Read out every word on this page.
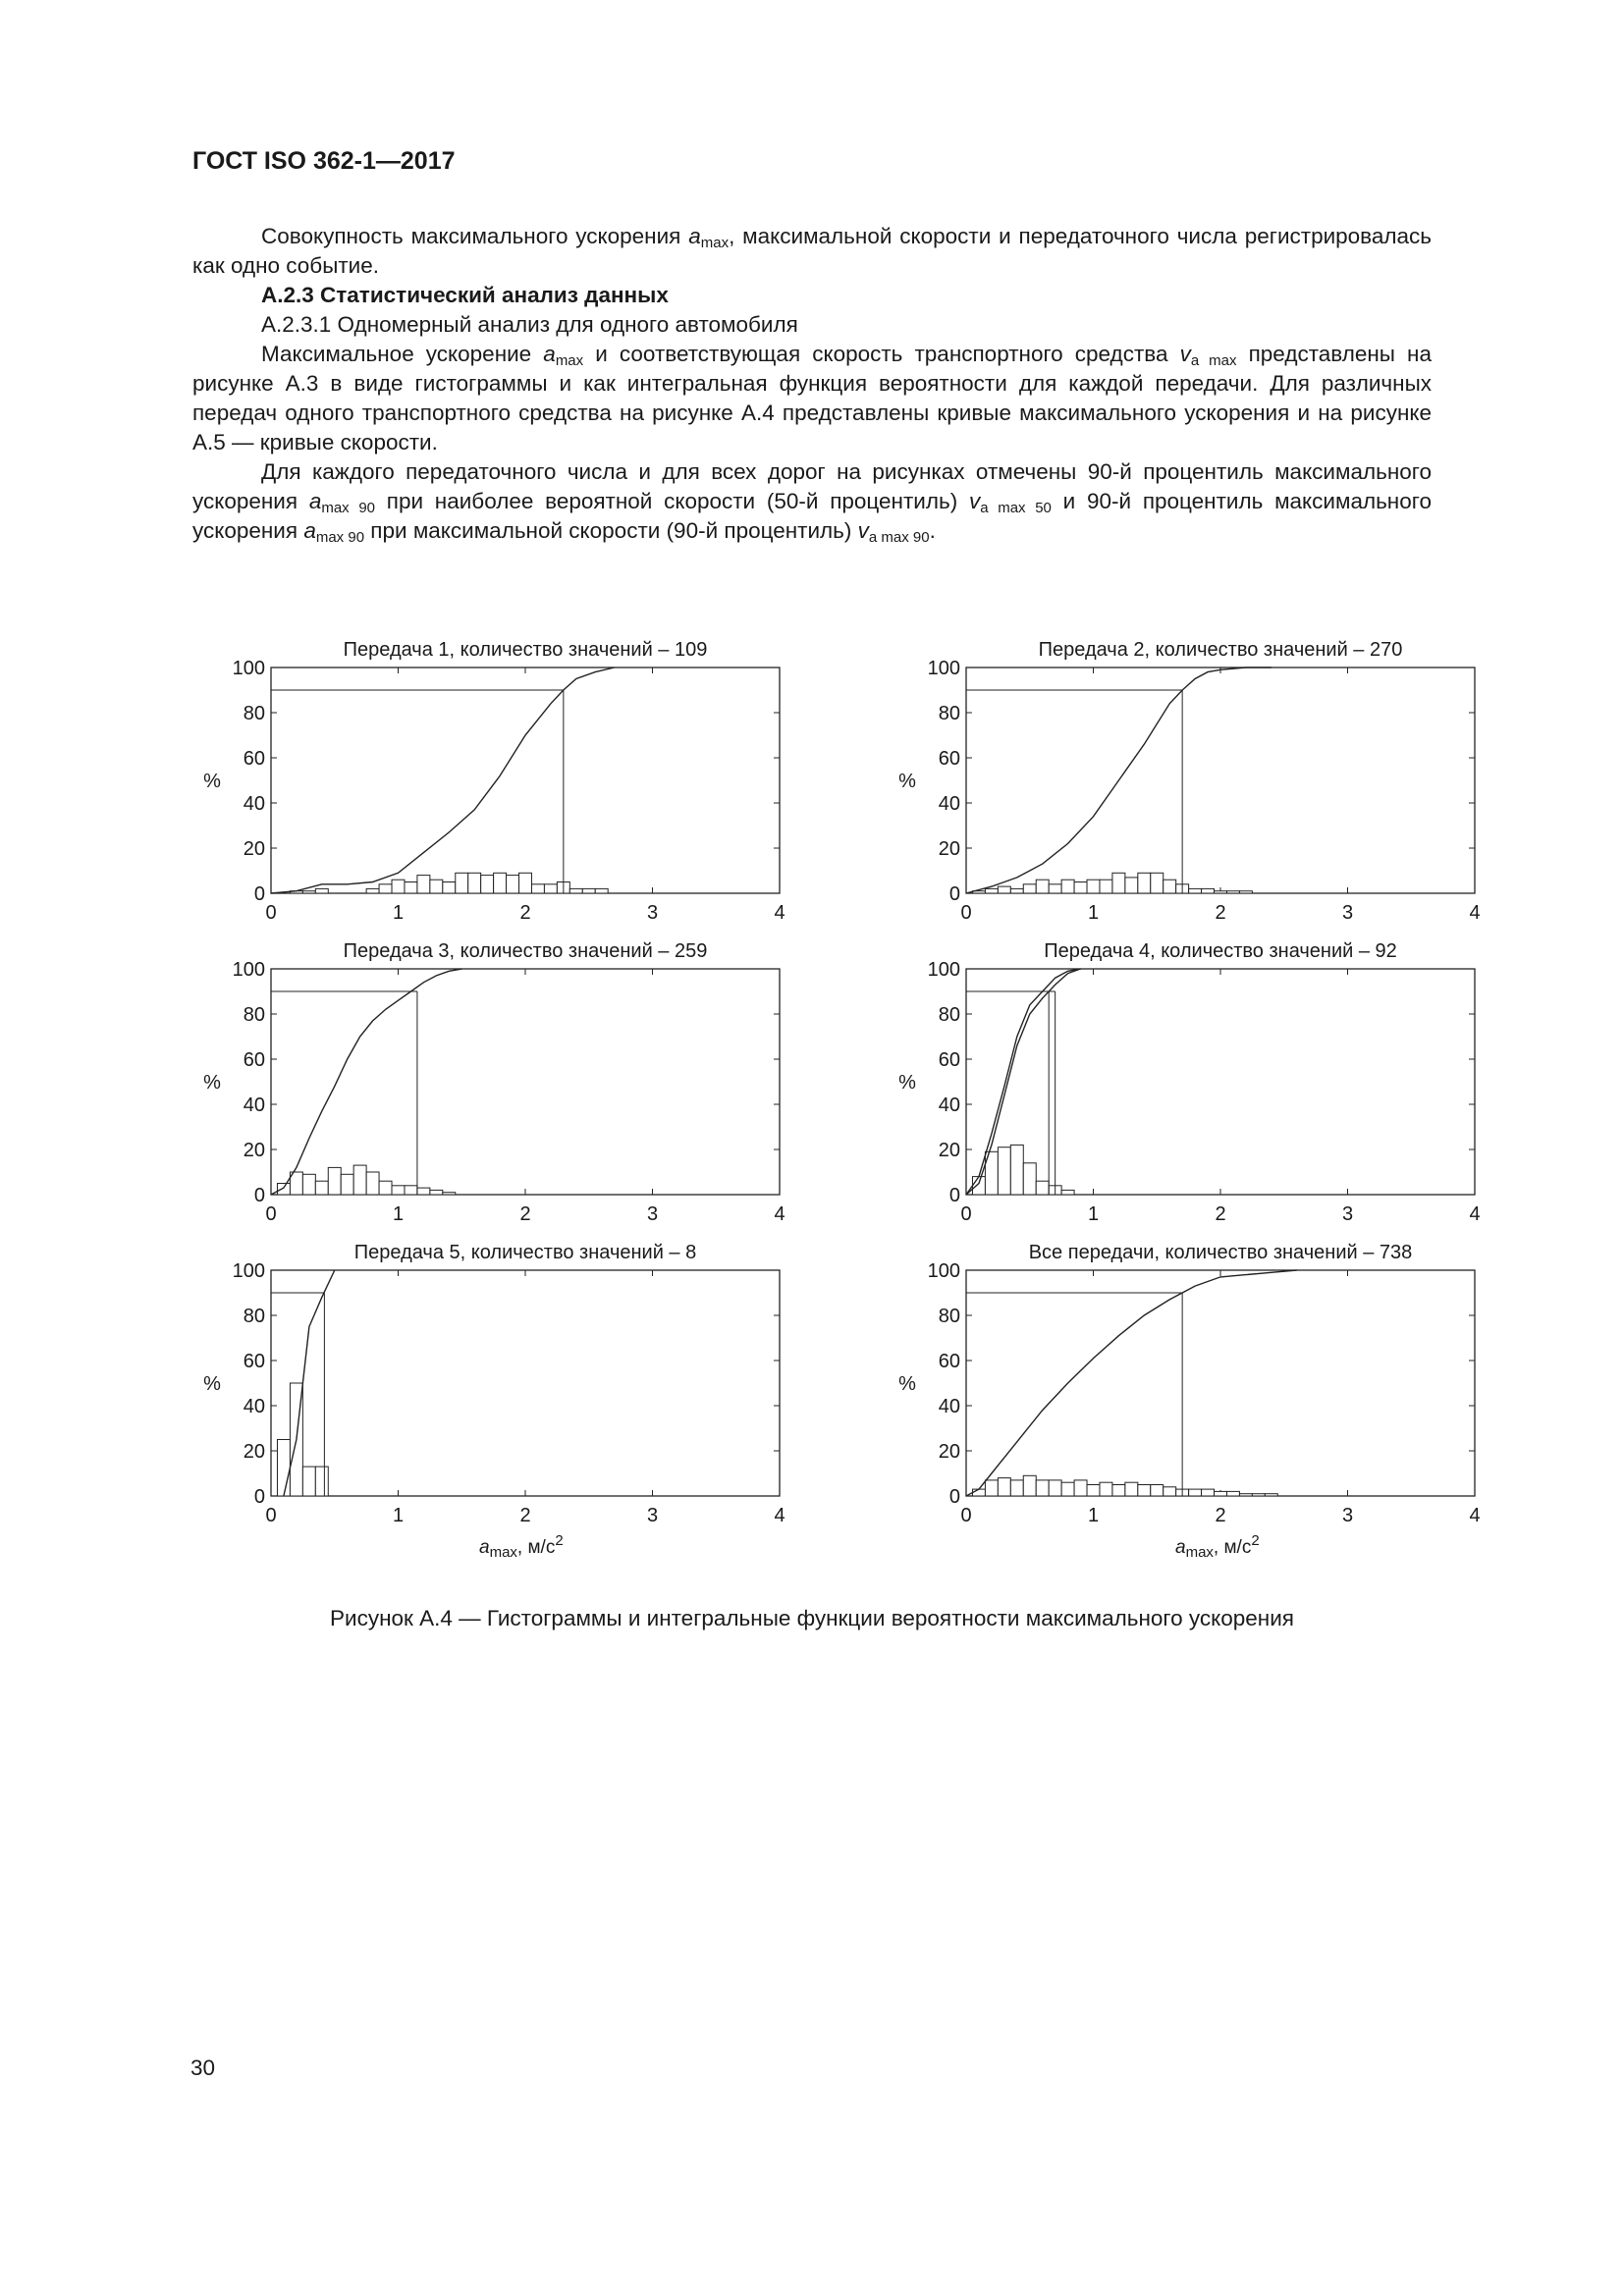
ГОСТ ISO 362-1—2017

Совокупность максимального ускорения $a_{max}$, максимальной скорости и передаточного числа регистрировалась как одно событие.

А.2.3 Статистический анализ данных

А.2.3.1 Одномерный анализ для одного автомобиля

Максимальное ускорение $a_{max}$ и соответствующая скорость транспортного средства $v_{a max}$ представлены на рисунке А.3 в виде гистограммы и как интегральная функция вероятности для каждой передачи. Для различных передач одного транспортного средства на рисунке А.4 представлены кривые максимального ускорения и на рисунке А.5 — кривые скорости.

Для каждого передаточного числа и для всех дорог на рисунках отмечены 90-й процентиль максимального ускорения $a_{max 90}$ при наиболее вероятной скорости (50-й процентиль) $v_{a max 50}$ и 90-й процентиль максимального ускорения $a_{max 90}$ при максимальной скорости (90-й процентиль) $v_{a max 90}$.

Передача 1, количество значений – 109
0
20
40
60
80
100
0	1	2	3	4
%
Передача 2, количество значений – 270
0
20
40
60
80
100
0	1	2	3	4
%
Передача 3, количество значений – 259
0
20
40
60
80
100
0	1	2	3	4
%
Передача 4, количество значений – 92
0
20
40
60
80
100
0	1	2	3	4
%
Передача 5, количество значений – 8
0
20
40
60
80
100
0	1	2	3	4
%
Все передачи, количество значений – 738
0
20
40
60
80
100
0	1	2	3	4
%
$a_{max}$, $м/с^2$	$a_{max}$, $м/с^2$
Рисунок А.4 — Гистограммы и интегральные функции вероятности максимального ускорения
30
